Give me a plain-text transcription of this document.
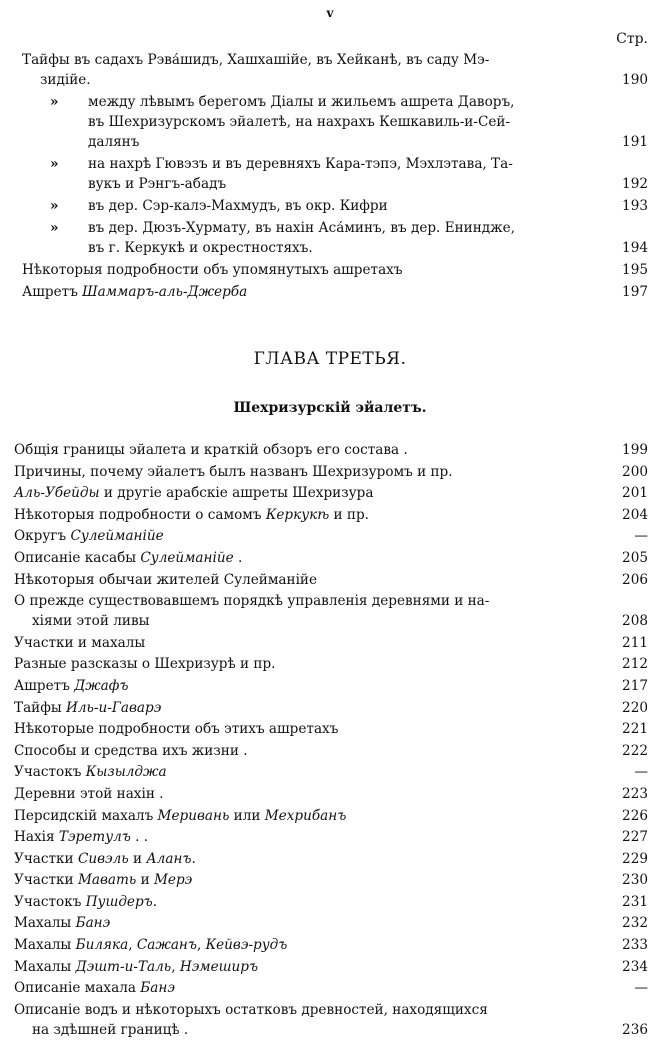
v
Стр.
Тайфы въ садахъ Рэва́шидъ, Хашхашійе, въ Хейканѣ, въ саду Мэ-
зидійе.	190
» между лѣвымъ берегомъ Діалы и жильемъ ашрета Даворъ,
въ Шехризурскомъ эйалетѣ, на нахрахъ Кешкавиль-и-Сей-
далянъ	191
» на нахрѣ Гювэзъ и въ деревняхъ Кара-тэпэ, Мэхлэтава, Та-
вукъ и Рэнгъ-абадъ	192
» въ дер. Сэр-калэ-Махмудъ, въ окр. Кифри	193
» въ дер. Дюзъ-Хурмату, въ нахін Аса́минъ, въ дер. Ениндже,
въ г. Керкукѣ и окрестностяхъ.	194
Нѣкоторыя подробности объ упомянутыхъ ашретахъ	195
Ашретъ Шаммаръ-аль-Джерба	197
ГЛАВА ТРЕТЬЯ.
Шехризурскій эйалетъ.
Общія границы эйалета и краткій обзоръ его состава .	199
Причины, почему эйалетъ былъ названъ Шехризуромъ и пр.	200
Аль-Убейды и другіе арабскіе ашреты Шехризура	201
Нѣкоторыя подробности о самомъ Керкукѣ и пр.	204
Округъ Сулейманійе	—
Описаніе касабы Сулейманійе .	205
Нѣкоторыя обычаи жителей Сулейманійе	206
О прежде существовавшемъ порядкѣ управленія деревнями и на-
хіями этой ливы	208
Участки и махалы	211
Разные разсказы о Шехризурѣ и пр.	212
Ашретъ Джафъ	217
Тайфы Иль-и-Гаварэ	220
Нѣкоторые подробности объ этихъ ашретахъ	221
Способы и средства ихъ жизни .	222
Участокъ Кызылджа	—
Деревни этой нахін .	223
Персидскій махалъ Меривань или Мехрибанъ	226
Нахія Тэретулъ . .	227
Участки Сивэль и Аланъ.	229
Участки Мавать и Мерэ	230
Участокъ Пушдеръ.	231
Махалы Банэ	232
Махалы Биляка, Сажанъ, Кейвэ-рудъ	233
Махалы Дэшт-и-Таль, Нэмеширъ	234
Описаніе махала Банэ	—
Описаніе водъ и нѣкоторыхъ остатковъ древностей, находящихся
на здѣшней границѣ .	236
